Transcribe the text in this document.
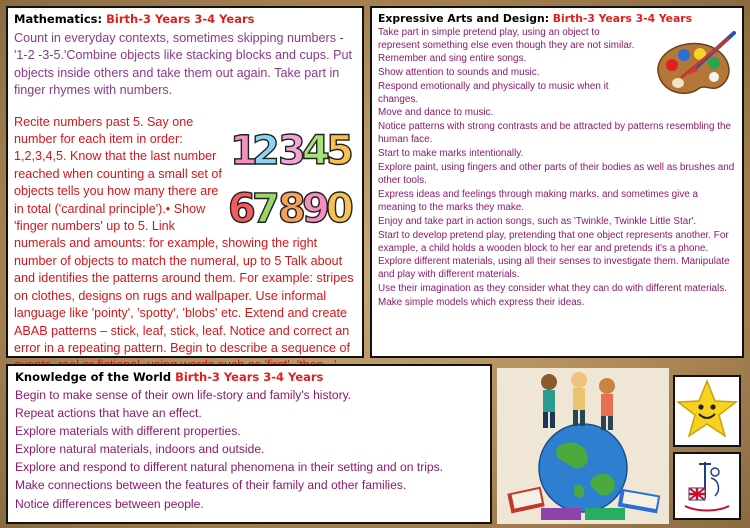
Mathematics: Birth-3 Years 3-4 Years
Count in everyday contexts, sometimes skipping numbers - '1-2 -3-5.'Combine objects like stacking blocks and cups. Put objects inside others and take them out again. Take part in finger rhymes with numbers.
1
2
3
4
5
6
7
8
9
0
Recite numbers past 5. Say one number for each item in order: 1,2,3,4,5. Know that the last number reached when counting a small set of objects tells you how many there are in total ('cardinal principle').• Show 'finger numbers' up to 5. Link numerals and amounts: for example, showing the right number of objects to match the numeral, up to 5 Talk about and identifies the patterns around them. For example: stripes on clothes, designs on rugs and wallpaper. Use informal language like 'pointy', 'spotty', 'blobs' etc. Extend and create ABAB patterns – stick, leaf, stick, leaf. Notice and correct an error in a repeating pattern. Begin to describe a sequence of
Expressive Arts and Design: Birth-3 Years 3-4 Years
Take part in simple pretend play, using an object to represent something else even though they are not similar. Remember and sing entire songs.
Show attention to sounds and music.
Respond emotionally and physically to music when it changes.
Move and dance to music.
Notice patterns with strong contrasts and be attracted by patterns resembling the human face.
Start to make marks intentionally.
Explore paint, using fingers and other parts of their bodies as well as brushes and other tools.
Express ideas and feelings through making marks, and sometimes give a meaning to the marks they make.
Enjoy and take part in action songs, such as 'Twinkle, Twinkle Little Star'.
Start to develop pretend play, pretending that one object represents another. For example, a child holds a wooden block to her ear and pretends it's a phone.
Explore different materials, using all their senses to investigate them. Manipulate and play with different materials.
Use their imagination as they consider what they can do with different materials.
Make simple models which express their ideas.
Knowledge of the World Birth-3 Years 3-4 Years
Begin to make sense of their own life-story and family's history.
Repeat actions that have an effect.
Explore materials with different properties.
Explore natural materials, indoors and outside.
Explore and respond to different natural phenomena in their setting and on trips.
Make connections between the features of their family and other families.
Notice differences between people.
